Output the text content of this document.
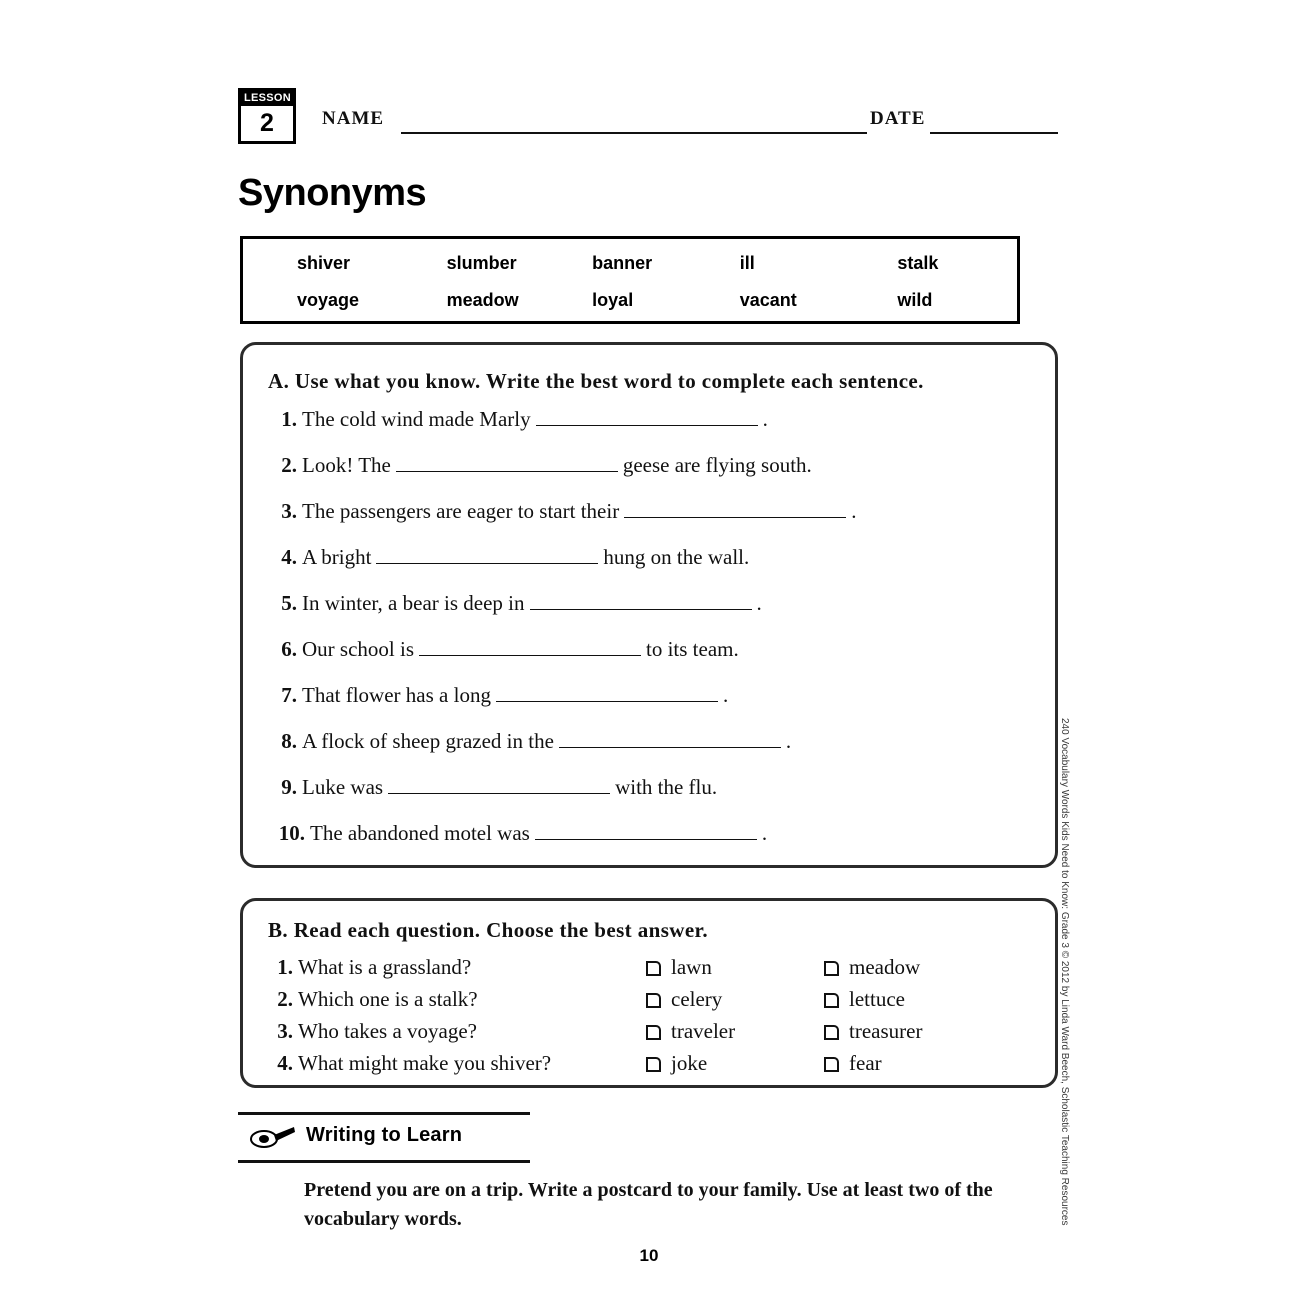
LESSON
2	NAME	DATE
Synonyms
shiver	slumber	banner	ill	stalk
voyage	meadow	loyal	vacant	wild
A. Use what you know. Write the best word to complete each sentence.
1. The cold wind made Marly	.
2. Look! The	geese are flying south.
3. The passengers are eager to start their	.
4. A bright	hung on the wall.
5. In winter, a bear is deep in	.
6. Our school is	to its team.
7. That flower has a long	.
8. A flock of sheep grazed in the	.
9. Luke was	with the flu.
10. The abandoned motel was	.
B. Read each question. Choose the best answer.
1. What is a grassland?	lawn	meadow
2. Which one is a stalk?	celery	lettuce
3. Who takes a voyage?	traveler	treasurer
4. What might make you shiver?	joke	fear
Writing to Learn
Pretend you are on a trip. Write a postcard to your family. Use at least two of the vocabulary words.
10
240 Vocabulary Words Kids Need to Know: Grade 3 © 2012 by Linda Ward Beech, Scholastic Teaching Resources
